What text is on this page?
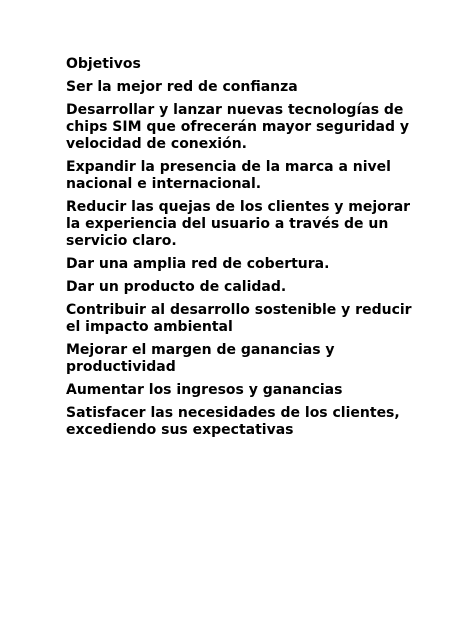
Objetivos

Ser la mejor red de confianza

Desarrollar y lanzar nuevas tecnologías de chips SIM que ofrecerán mayor seguridad y velocidad de conexión.

Expandir la presencia de la marca a nivel nacional e internacional.

Reducir las quejas de los clientes y mejorar la experiencia del usuario a través de un servicio claro.

Dar una amplia red de cobertura.

Dar un producto de calidad.

Contribuir al desarrollo sostenible y reducir el impacto ambiental

Mejorar el margen de ganancias y productividad

Aumentar los ingresos y ganancias

Satisfacer las necesidades de los clientes, excediendo sus expectativas
